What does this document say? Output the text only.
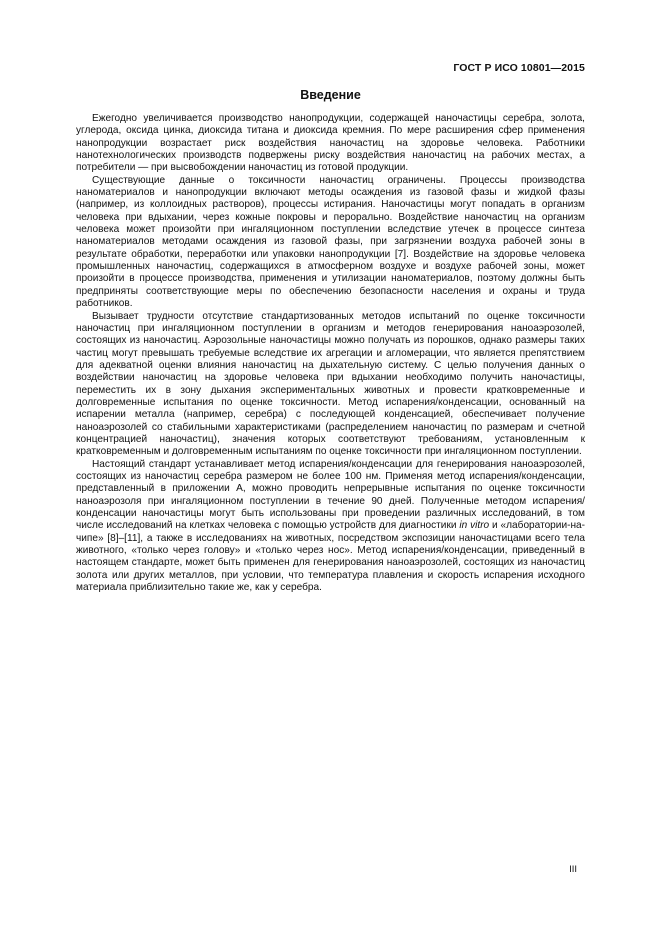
ГОСТ Р ИСО 10801—2015
Введение

Ежегодно увеличивается производство нанопродукции, содержащей наночастицы серебра, золота, углерода, оксида цинка, диоксида титана и диоксида кремния. По мере расширения сфер применения нанопродукции возрастает риск воздействия наночастиц на здоровье человека. Работники нанотехнологических производств подвержены риску воздействия наночастиц на рабочих местах, а потребители — при высвобождении наночастиц из готовой продукции.

Существующие данные о токсичности наночастиц ограничены. Процессы производства наноматериалов и нанопродукции включают методы осаждения из газовой фазы и жидкой фазы (например, из коллоидных растворов), процессы истирания. Наночастицы могут попадать в организм человека при вдыхании, через кожные покровы и перорально. Воздействие наночастиц на организм человека может произойти при ингаляционном поступлении вследствие утечек в процессе синтеза наноматериалов методами осаждения из газовой фазы, при загрязнении воздуха рабочей зоны в результате обработки, переработки или упаковки нанопродукции [7]. Воздействие на здоровье человека промышленных наночастиц, содержащихся в атмосферном воздухе и воздухе рабочей зоны, может произойти в процессе производства, применения и утилизации наноматериалов, поэтому должны быть предприняты соответствующие меры по обеспечению безопасности населения и охраны и труда работников.

Вызывает трудности отсутствие стандартизованных методов испытаний по оценке токсичности наночастиц при ингаляционном поступлении в организм и методов генерирования наноаэрозолей, состоящих из наночастиц. Аэрозольные наночастицы можно получать из порошков, однако размеры таких частиц могут превышать требуемые вследствие их агрегации и агломерации, что является препятствием для адекватной оценки влияния наночастиц на дыхательную систему. С целью получения данных о воздействии наночастиц на здоровье человека при вдыхании необходимо получить наночастицы, переместить их в зону дыхания экспериментальных животных и провести кратковременные и долговременные испытания по оценке токсичности. Метод испарения/конденсации, основанный на испарении металла (например, серебра) с последующей конденсацией, обеспечивает получение наноаэрозолей со стабильными характеристиками (распределением наночастиц по размерам и счетной концентрацией наночастиц), значения которых соответствуют требованиям, установленным к кратковременным и долговременным испытаниям по оценке токсичности при ингаляционном поступлении.

Настоящий стандарт устанавливает метод испарения/конденсации для генерирования наноаэрозолей, состоящих из наночастиц серебра размером не более 100 нм. Применяя метод испарения/конденсации, представленный в приложении А, можно проводить непрерывные испытания по оценке токсичности наноаэрозоля при ингаляционном поступлении в течение 90 дней. Полученные методом испарения/конденсации наночастицы могут быть использованы при проведении различных исследований, в том числе исследований на клетках человека с помощью устройств для диагностики in vitro и «лаборатории-на-чипе» [8]–[11], а также в исследованиях на животных, посредством экспозиции наночастицами всего тела животного, «только через голову» и «только через нос». Метод испарения/конденсации, приведенный в настоящем стандарте, может быть применен для генерирования наноаэрозолей, состоящих из наночастиц золота или других металлов, при условии, что температура плавления и скорость испарения исходного материала приблизительно такие же, как у серебра.

III
